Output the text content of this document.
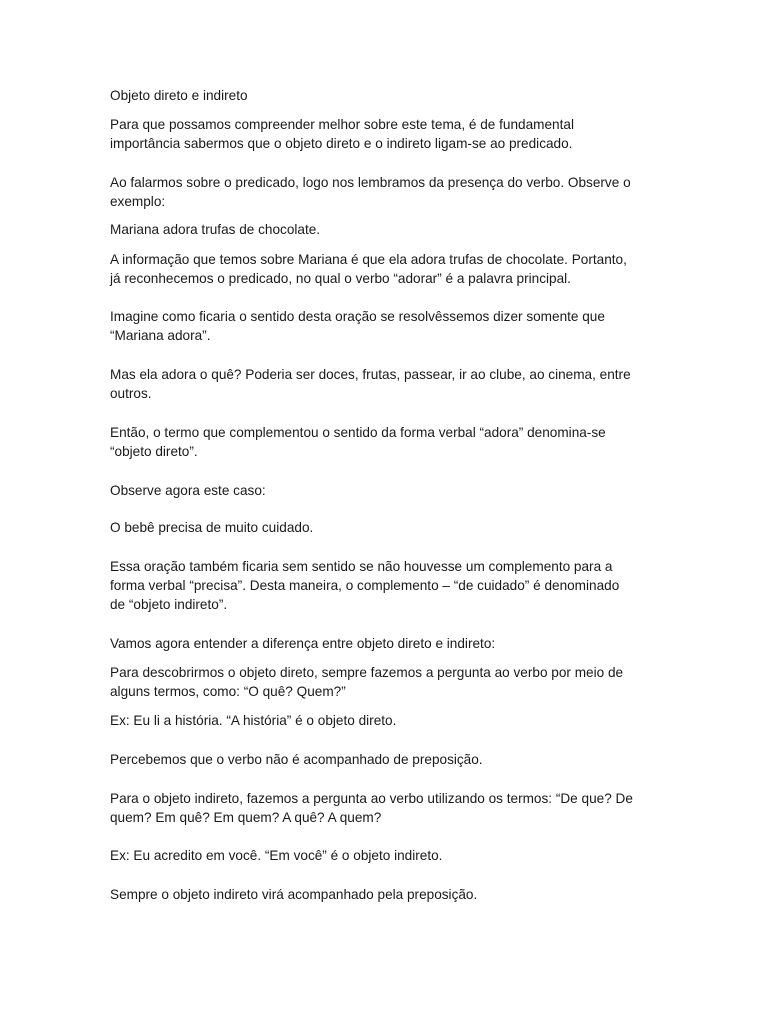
Objeto direto e indireto
Para que possamos compreender melhor sobre este tema, é de fundamental
importância sabermos que o objeto direto e o indireto ligam-se ao predicado.
Ao falarmos sobre o predicado, logo nos lembramos da presença do verbo. Observe o
exemplo:
Mariana adora trufas de chocolate.
A informação que temos sobre Mariana é que ela adora trufas de chocolate. Portanto,
já reconhecemos o predicado, no qual o verbo “adorar” é a palavra principal.
Imagine como ficaria o sentido desta oração se resolvêssemos dizer somente que
“Mariana adora”.
Mas ela adora o quê? Poderia ser doces, frutas, passear, ir ao clube, ao cinema, entre
outros.
Então, o termo que complementou o sentido da forma verbal “adora” denomina-se
“objeto direto”.
Observe agora este caso:
O bebê precisa de muito cuidado.
Essa oração também ficaria sem sentido se não houvesse um complemento para a
forma verbal “precisa”. Desta maneira, o complemento – “de cuidado” é denominado
de “objeto indireto”.
Vamos agora entender a diferença entre objeto direto e indireto:
Para descobrirmos o objeto direto, sempre fazemos a pergunta ao verbo por meio de
alguns termos, como: “O quê? Quem?”
Ex: Eu li a história. “A história” é o objeto direto.
Percebemos que o verbo não é acompanhado de preposição.
Para o objeto indireto, fazemos a pergunta ao verbo utilizando os termos: “De que? De
quem? Em quê? Em quem? A quê? A quem?
Ex: Eu acredito em você. “Em você” é o objeto indireto.
Sempre o objeto indireto virá acompanhado pela preposição.
